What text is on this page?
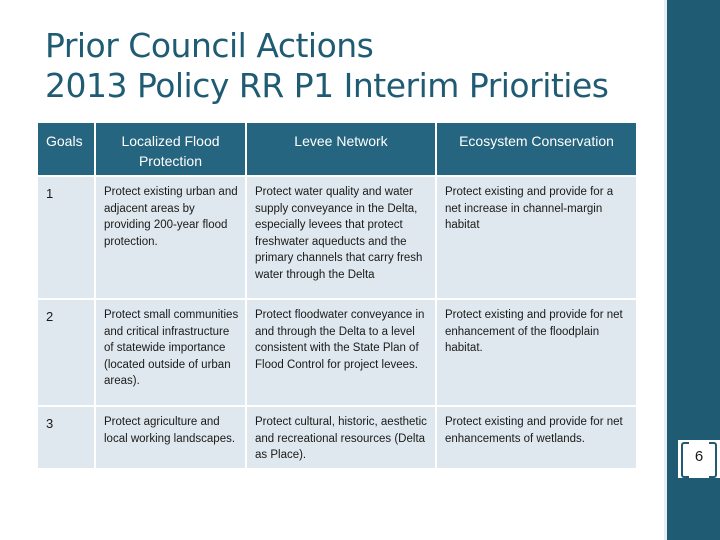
Prior Council Actions
2013 Policy RR P1 Interim Priorities
Goals	Localized Flood Protection	Levee Network	Ecosystem Conservation
1	Protect existing urban and adjacent areas by providing 200-year flood protection.	Protect water quality and water supply conveyance in the Delta, especially levees that protect freshwater aqueducts and the primary channels that carry fresh water through the Delta	Protect existing and provide for a net increase in channel-margin habitat
2	Protect small communities and critical infrastructure of statewide importance (located outside of urban areas).	Protect floodwater conveyance in and through the Delta to a level consistent with the State Plan of Flood Control for project levees.	Protect existing and provide for net enhancement of the floodplain habitat.
3	Protect agriculture and local working landscapes.	Protect cultural, historic, aesthetic and recreational resources (Delta as Place).	Protect existing and provide for net enhancements of wetlands.
6
